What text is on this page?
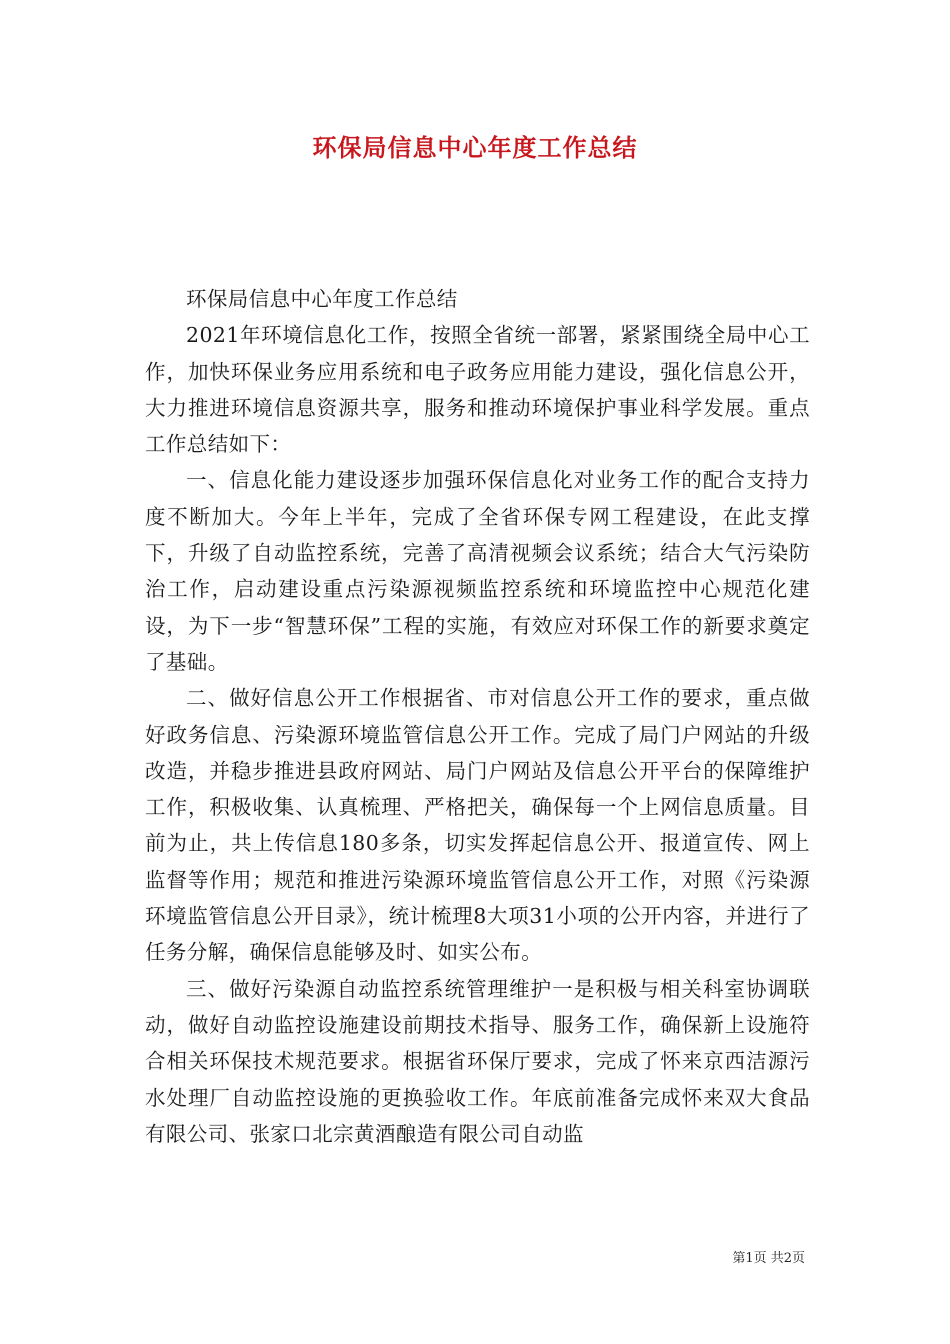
环保局信息中心年度工作总结

环保局信息中心年度工作总结

2021年环境信息化工作，按照全省统一部署，紧紧围绕全局中心工作，加快环保业务应用系统和电子政务应用能力建设，强化信息公开，大力推进环境信息资源共享，服务和推动环境保护事业科学发展。重点工作总结如下：

一、信息化能力建设逐步加强环保信息化对业务工作的配合支持力度不断加大。今年上半年，完成了全省环保专网工程建设，在此支撑下，升级了自动监控系统，完善了高清视频会议系统；结合大气污染防治工作，启动建设重点污染源视频监控系统和环境监控中心规范化建设，为下一步“智慧环保”工程的实施，有效应对环保工作的新要求奠定了基础。

二、做好信息公开工作根据省、市对信息公开工作的要求，重点做好政务信息、污染源环境监管信息公开工作。完成了局门户网站的升级改造，并稳步推进县政府网站、局门户网站及信息公开平台的保障维护工作，积极收集、认真梳理、严格把关，确保每一个上网信息质量。目前为止，共上传信息180多条，切实发挥起信息公开、报道宣传、网上监督等作用；规范和推进污染源环境监管信息公开工作，对照《污染源环境监管信息公开目录》，统计梳理8大项31小项的公开内容，并进行了任务分解，确保信息能够及时、如实公布。

三、做好污染源自动监控系统管理维护一是积极与相关科室协调联动，做好自动监控设施建设前期技术指导、服务工作，确保新上设施符合相关环保技术规范要求。根据省环保厅要求，完成了怀来京西洁源污水处理厂自动监控设施的更换验收工作。年底前准备完成怀来双大食品有限公司、张家口北宗黄酒酿造有限公司自动监

第1页 共2页
